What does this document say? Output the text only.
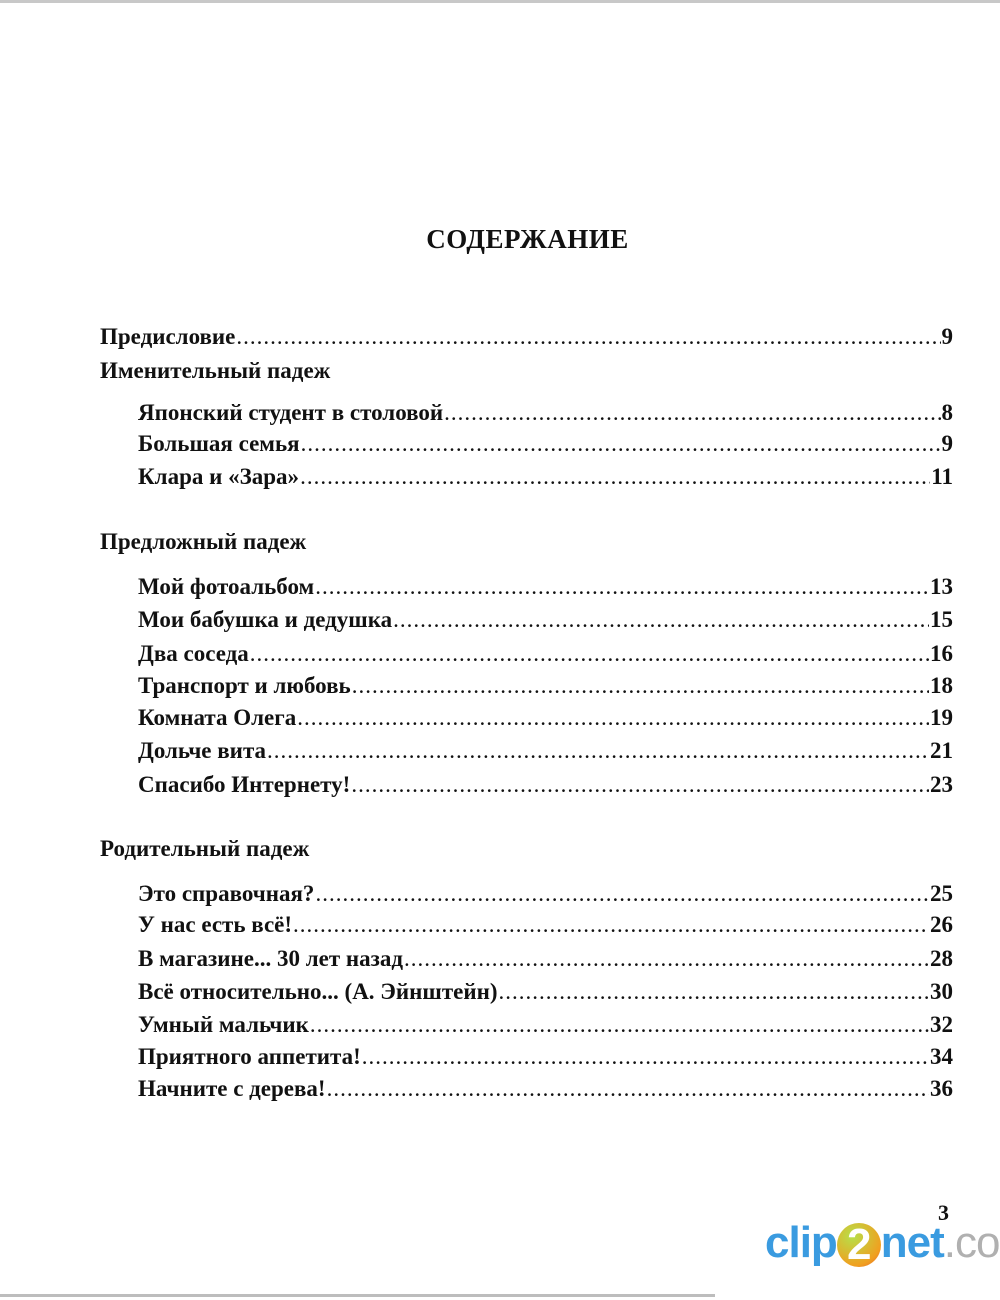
СОДЕРЖАНИЕ
Предисловие .....	9
Именительный падеж
Японский студент в столовой .....	8
Большая семья .....	9
Клара и «Зара» .....	11
Предложный падеж
Мой фотоальбом .....	13
Мои бабушка и дедушка .....	15
Два соседа .....	16
Транспорт и любовь .....	18
Комната Олега .....	19
Дольче вита .....	21
Спасибо Интернету! .....	23
Родительный падеж
Это справочная? .....	25
У нас есть всё! .....	26
В магазине... 30 лет назад .....	28
Всё относительно... (А. Эйнштейн) .....	30
Умный мальчик .....	32
Приятного аппетита! .....	34
Начните с дерева! .....	36
3
clip 2 net.co
